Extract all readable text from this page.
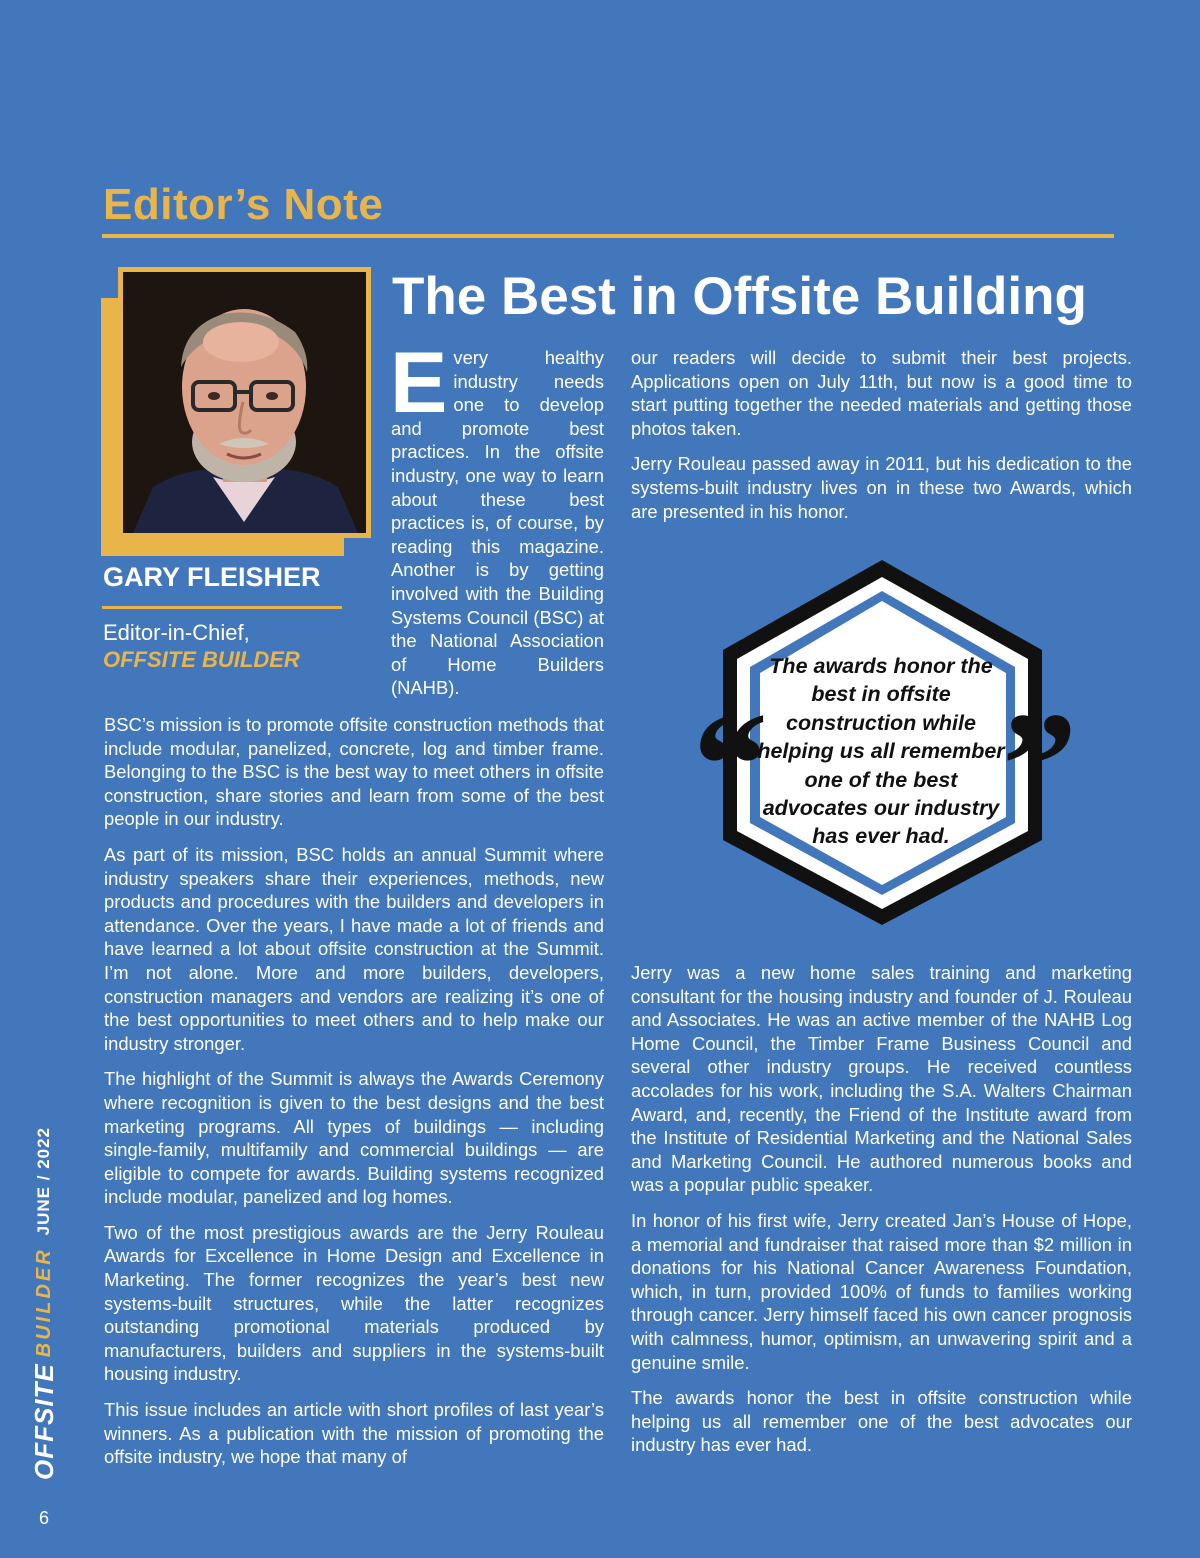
Editor’s Note
GARY FLEISHER
Editor-in-Chief,
OFFSITE BUILDER
The Best in Offsite Building
Every healthy industry needs one to develop and promote best practices. In the offsite industry, one way to learn about these best practices is, of course, by reading this magazine. Another is by getting involved with the Building Systems Council (BSC) at the National Association of Home Builders (NAHB).

BSC’s mission is to promote offsite construction methods that include modular, panelized, concrete, log and timber frame. Belonging to the BSC is the best way to meet others in offsite construction, share stories and learn from some of the best people in our industry.

As part of its mission, BSC holds an annual Summit where industry speakers share their experiences, methods, new products and procedures with the builders and developers in attendance. Over the years, I have made a lot of friends and have learned a lot about offsite construction at the Summit. I’m not alone. More and more builders, developers, construction managers and vendors are realizing it’s one of the best opportunities to meet others and to help make our industry stronger.

The highlight of the Summit is always the Awards Ceremony where recognition is given to the best designs and the best marketing programs. All types of buildings — including single-family, multifamily and commercial buildings — are eligible to compete for awards. Building systems recognized include modular, panelized and log homes.

Two of the most prestigious awards are the Jerry Rouleau Awards for Excellence in Home Design and Excellence in Marketing. The former recognizes the year’s best new systems-built structures, while the latter recognizes outstanding promotional materials produced by manufacturers, builders and suppliers in the systems-built housing industry.

This issue includes an article with short profiles of last year’s winners. As a publication with the mission of promoting the offsite industry, we hope that many of

our readers will decide to submit their best projects. Applications open on July 11th, but now is a good time to start putting together the needed materials and getting those photos taken.

Jerry Rouleau passed away in 2011, but his dedication to the systems-built industry lives on in these two Awards, which are presented in his honor.

“ ”
The awards honor the best in offsite construction while helping us all remember one of the best advocates our industry has ever had.

Jerry was a new home sales training and marketing consultant for the housing industry and founder of J. Rouleau and Associates. He was an active member of the NAHB Log Home Council, the Timber Frame Business Council and several other industry groups. He received countless accolades for his work, including the S.A. Walters Chairman Award, and, recently, the Friend of the Institute award from the Institute of Residential Marketing and the National Sales and Marketing Council. He authored numerous books and was a popular public speaker.

In honor of his first wife, Jerry created Jan’s House of Hope, a memorial and fundraiser that raised more than $2 million in donations for his National Cancer Awareness Foundation, which, in turn, provided 100% of funds to families working through cancer. Jerry himself faced his own cancer prognosis with calmness, humor, optimism, an unwavering spirit and a genuine smile.

The awards honor the best in offsite construction while helping us all remember one of the best advocates our industry has ever had.

OFFSITE
BUILDER
JUNE / 2022
6
